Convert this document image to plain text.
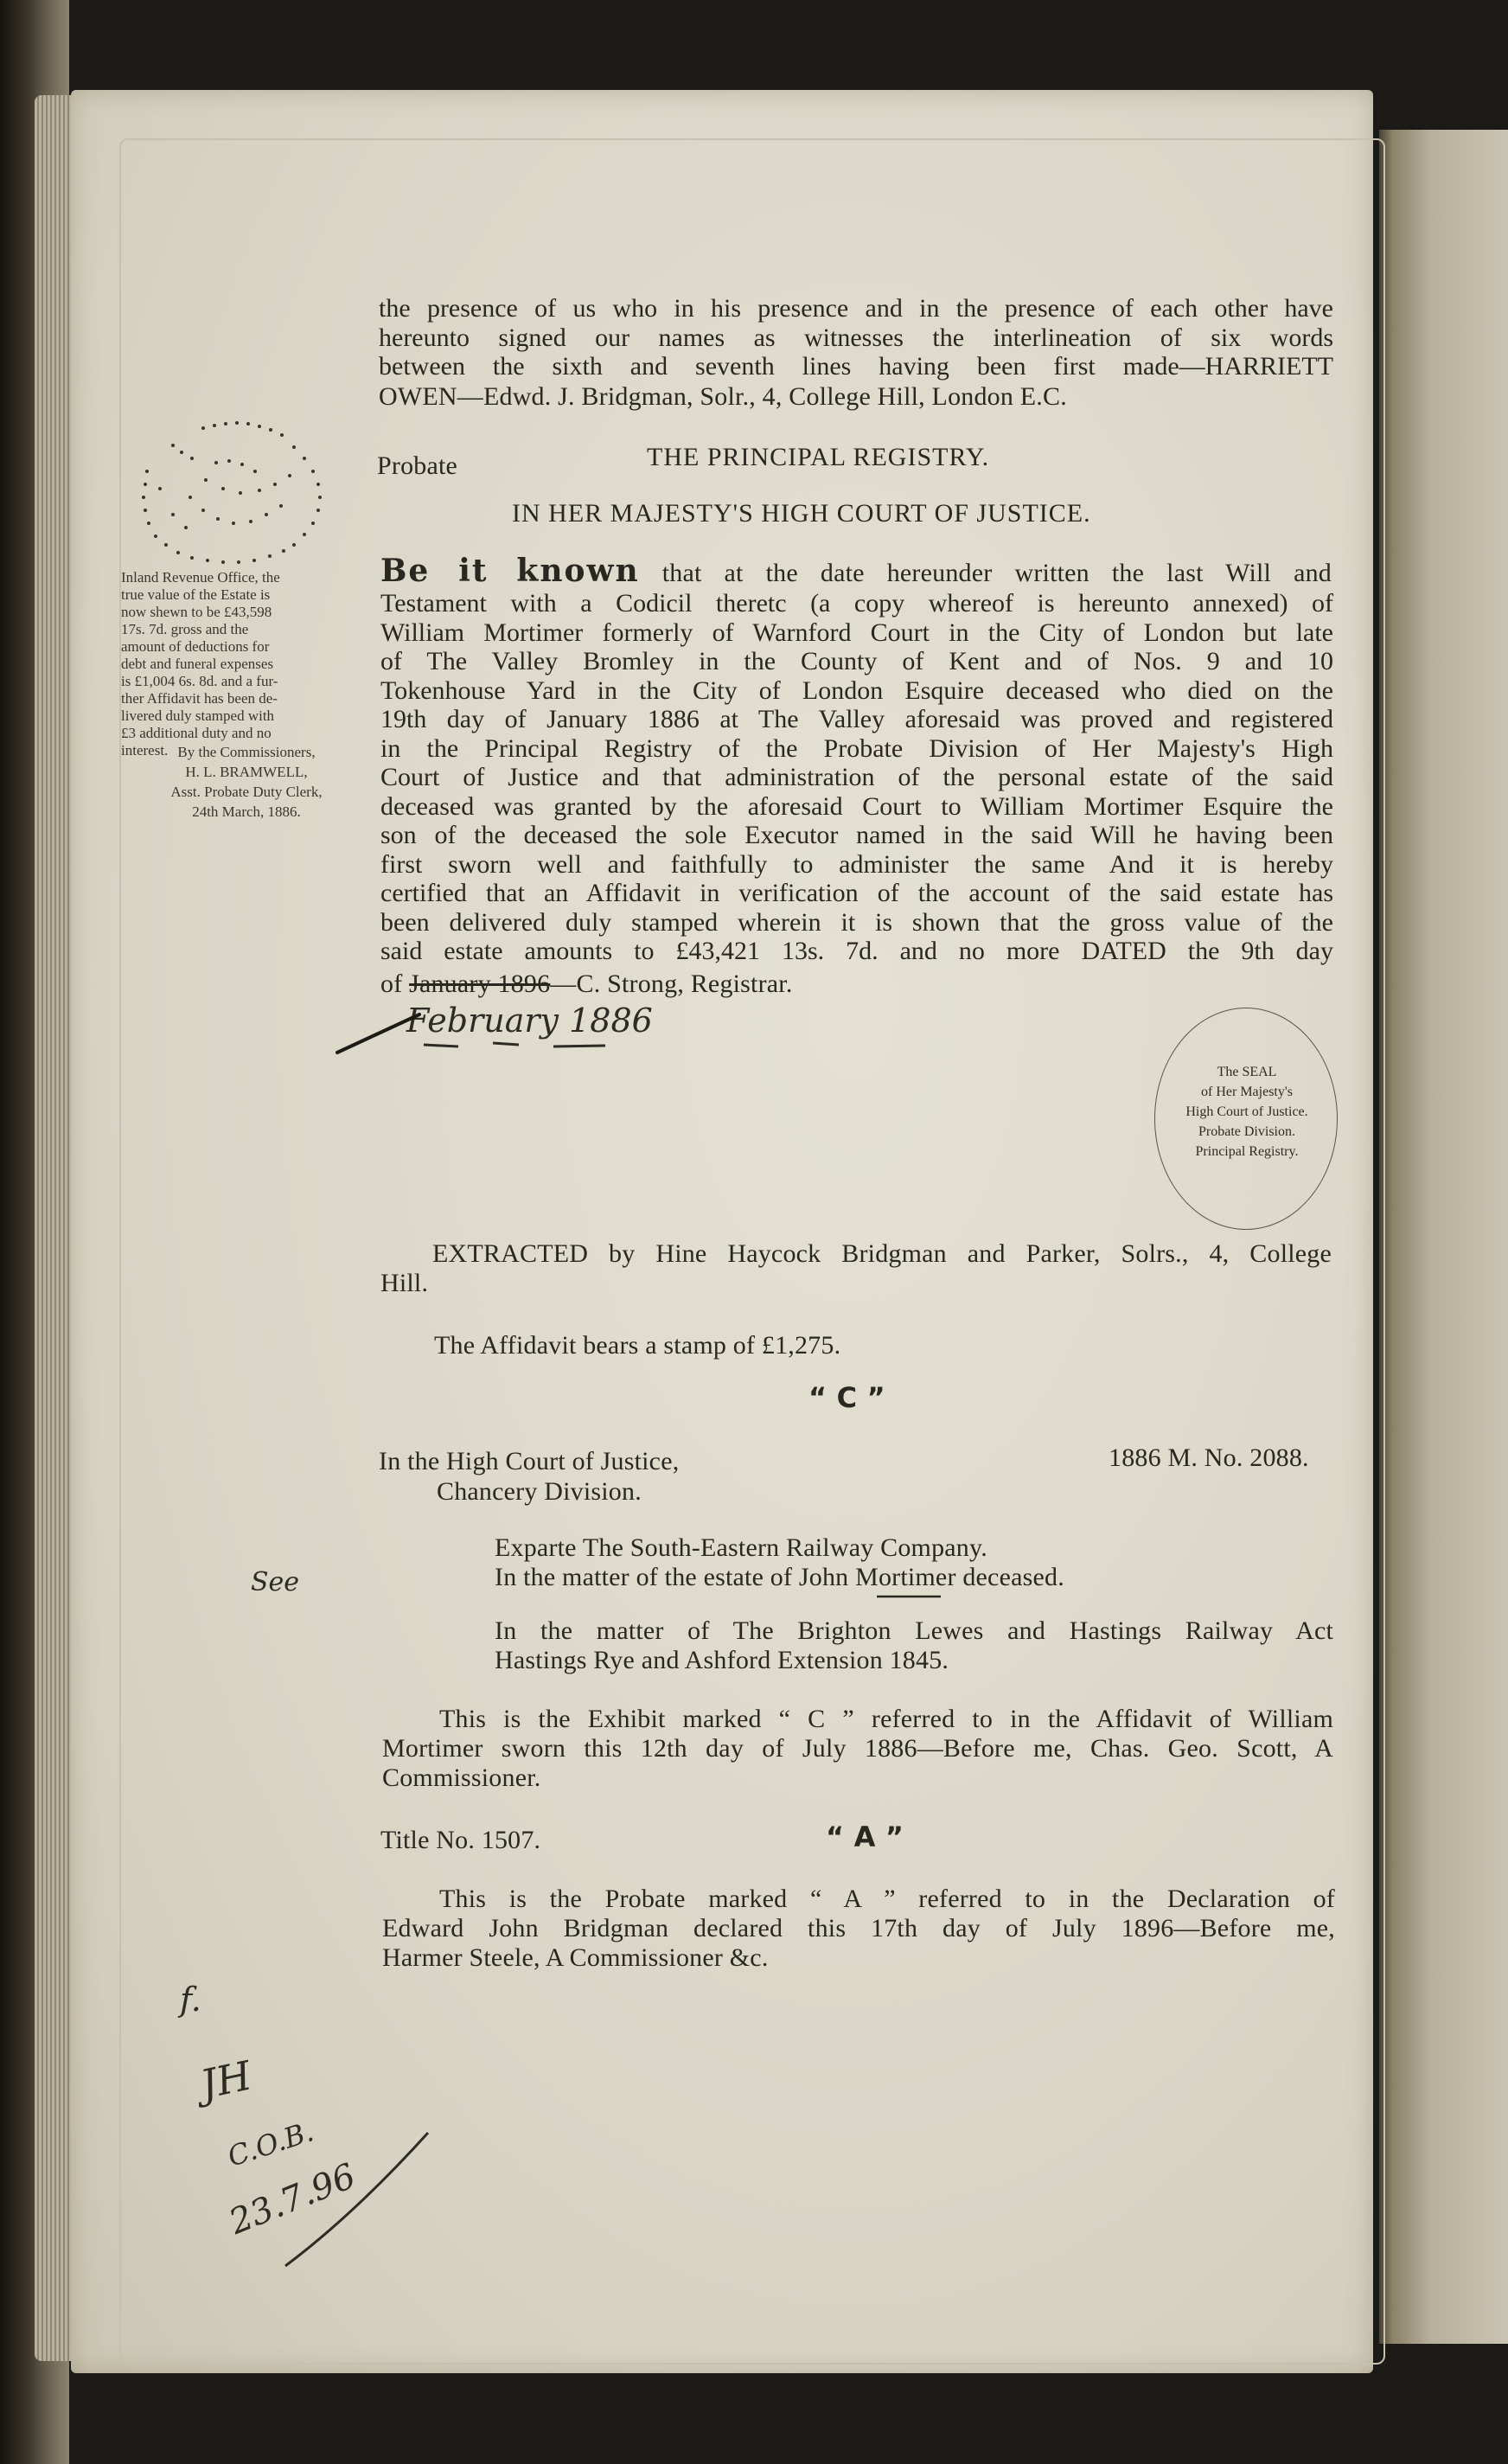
the presence of us who in his presence and in the presence of each other have
hereunto signed our names as witnesses the interlineation of six words
between the sixth and seventh lines having been first made—HARRIETT
OWEN—Edwd. J. Bridgman, Solr., 4, College Hill, London E.C.
Probate	THE PRINCIPAL REGISTRY.
IN HER MAJESTY'S HIGH COURT OF JUSTICE.
Inland Revenue Office, the
true value of the Estate is
now shewn to be £43,598
17s. 7d. gross and the
amount of deductions for
debt and funeral expenses
is £1,004 6s. 8d. and a fur-
ther Affidavit has been de-
livered duly stamped with
£3 additional duty and no
interest. By the Commissioners,
H. L. BRAMWELL,
Asst. Probate Duty Clerk,
24th March, 1886.
Be it known that at the date hereunder written the last Will and
Testament with a Codicil theretc (a copy whereof is hereunto annexed) of
William Mortimer formerly of Warnford Court in the City of London but late
of The Valley Bromley in the County of Kent and of Nos. 9 and 10
Tokenhouse Yard in the City of London Esquire deceased who died on the
19th day of January 1886 at The Valley aforesaid was proved and registered
in the Principal Registry of the Probate Division of Her Majesty's High
Court of Justice and that administration of the personal estate of the said
deceased was granted by the aforesaid Court to William Mortimer Esquire the
son of the deceased the sole Executor named in the said Will he having been
first sworn well and faithfully to administer the same And it is hereby
certified that an Affidavit in verification of the account of the said estate has
been delivered duly stamped wherein it is shown that the gross value of the
said estate amounts to £43,421 13s. 7d. and no more DATED the 9th day
of January 1896—C. Strong, Registrar.
February 1886
The SEAL
of Her Majesty's
High Court of Justice.
Probate Division.
Principal Registry.
EXTRACTED by Hine Haycock Bridgman and Parker, Solrs., 4, College
Hill.
The Affidavit bears a stamp of £1,275.
“ C ”
In the High Court of Justice,	1886 M. No. 2088.
Chancery Division.
Exparte The South-Eastern Railway Company.
In the matter of the estate of John Mortimer deceased.
See
In the matter of The Brighton Lewes and Hastings Railway Act
Hastings Rye and Ashford Extension 1845.
This is the Exhibit marked “ C ” referred to in the Affidavit of William
Mortimer sworn this 12th day of July 1886—Before me, Chas. Geo. Scott, A
Commissioner.
Title No. 1507.	“ A ”
This is the Probate marked “ A ” referred to in the Declaration of
Edward John Bridgman declared this 17th day of July 1896—Before me,
Harmer Steele, A Commissioner &c.
f.
JH
C.O.B.
23.7.96
